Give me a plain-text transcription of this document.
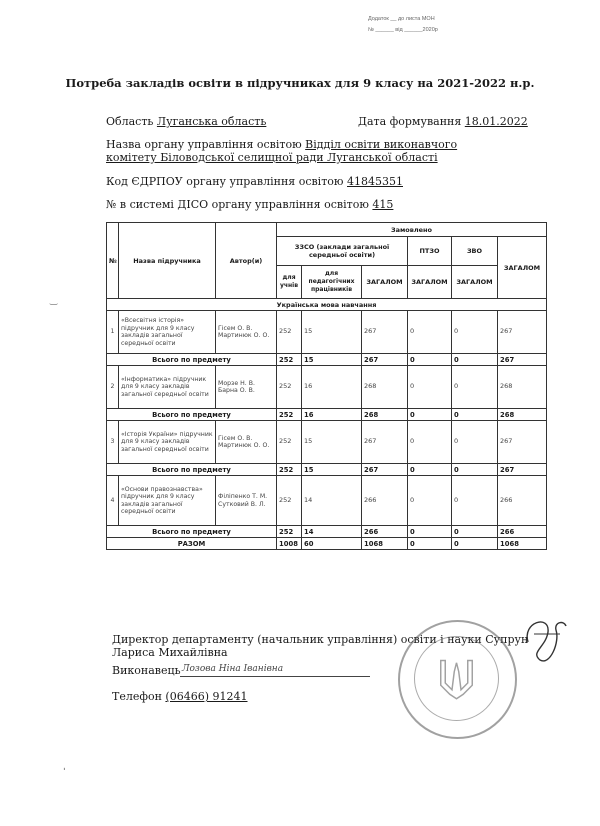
Додаток __ до листа МОН
№ ______ від ______2020р
Потреба закладів освіти в підручниках для 9 класу на 2021-2022 н.р.
Область Луганська область	Дата формування 18.01.2022
Назва органу управління освітою Відділ освіти виконавчого комітету Біловодської селищної ради Луганської області
Код ЄДРПОУ органу управління освітою 41845351
№ в системі ДІСО органу управління освітою 415
№	Назва підручника	Автор(и)	Замовлено					
			ЗЗСО (заклади загальної середньої освіти)			ПТЗО	ЗВО	ЗАГАЛОМ
			для учнів	для педагогічних працівників	ЗАГАЛОМ	ЗАГАЛОМ	ЗАГАЛОМ	
Українська мова навчання								
1	«Всесвітня історія» підручник для 9 класу закладів загальної середньої освіти	Гісем О. В. Мартинюк О. О.	252	15	267	0	0	267
Всього по предмету			252	15	267	0	0	267
2	«Інформатика» підручник для 9 класу закладів загальної середньої освіти	Морзе Н. В. Барна О. В.	252	16	268	0	0	268
Всього по предмету			252	16	268	0	0	268
3	«Історія України» підручник для 9 класу закладів загальної середньої освіти	Гісем О. В. Мартинюк О. О.	252	15	267	0	0	267
Всього по предмету			252	15	267	0	0	267
4	«Основи правознавства» підручник для 9 класу закладів загальної середньої освіти	Філіпенко Т. М. Сутковий В. Л.	252	14	266	0	0	266
Всього по предмету			252	14	266	0	0	266
РАЗОМ			1008	60	1068	0	0	1068
‿
Директор департаменту (начальник управління) освіти і науки Супрун Лариса Михайлівна
Виконавець Лозова Ніна Іванівна
Телефон (06466) 91241
ˈ
